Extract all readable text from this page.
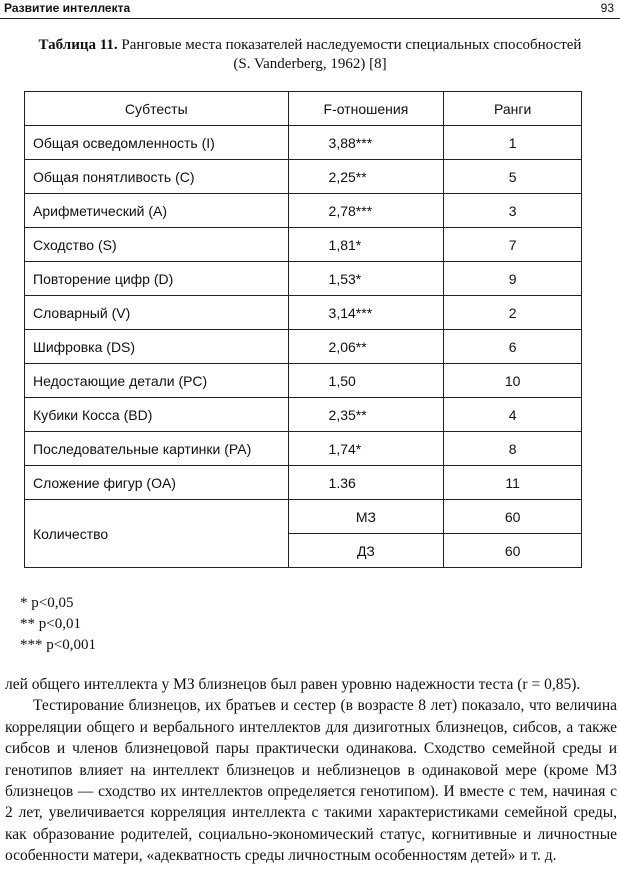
Развитие интеллекта	93
Таблица 11. Ранговые места показателей наследуемости специальных способностей
(S. Vanderberg, 1962) [8]
Субтесты	F-отношения	Ранги
Общая осведомленность (I)	3,88***	1
Общая понятливость (С)	2,25**	5
Арифметический (А)	2,78***	3
Сходство (S)	1,81*	7
Повторение цифр (D)	1,53*	9
Словарный (V)	3,14***	2
Шифровка (DS)	2,06**	6
Недостающие детали (РС)	1,50	10
Кубики Косса (BD)	2,35**	4
Последовательные картинки (РА)	1,74*	8
Сложение фигур (OA)	1.36	11
Количество	МЗ	60
	ДЗ	60
* р<0,05
** р<0,01
*** р<0,001

лей общего интеллекта у МЗ близнецов был равен уровню надежности теста (r = 0,85).

Тестирование близнецов, их братьев и сестер (в возрасте 8 лет) показало, что величина корреляции общего и вербального интеллектов для дизиготных близнецов, сибсов, а также сибсов и членов близнецовой пары практически одинакова. Сходство семейной среды и генотипов влияет на интеллект близнецов и неблизнецов в одинаковой мере (кроме МЗ близнецов — сходство их интеллектов определяется генотипом). И вместе с тем, начиная с 2 лет, увеличивается корреляция интеллекта с такими характеристиками семейной среды, как образование родителей, социально-экономический статус, когнитивные и личностные особенности матери, «адекватность среды личностным особенностям детей» и т. д.
